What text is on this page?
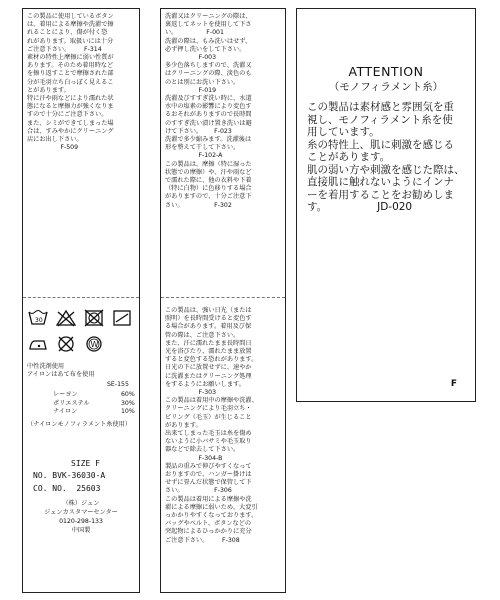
この製品に使用しているボタン
は、着用による摩擦や洗濯で擦
れることにより、傷が付く恐
れがあります。取扱いには十分
ご注意下さい。		F-314
素材の特性上摩擦に弱い性質が
あります。そのため着用時など
を擦り返すことで摩擦された部
分が毛羽立ち白っぽく見えるこ
とがあります。
特に汗や雨などにより濡れた状
態になると摩擦力が強くなりま
すので十分にご注意下さい。
また、シミができてしまった場
合は、すみやかにクリーニング
店にお出し下さい。
				F-509
30
W
中性洗剤使用
アイロンはあて布を使用
SE-155
レーヨン	60%
ポリエステル	30%
ナイロン	10%
（ナイロンモノフィラメント糸使用）
SIZE F
NO. BVK-36030-A
CO. NO.  25603
（株）ジュン
ジュンカスタマーセンター
0120-298-133
中国製
洗濯又はクリーニングの際は、
裏返してネットを使用して下さ
い。				F-001
洗濯の際は、もみ洗いはせず、
必ず押し洗いをして下さい。
				F-003
多少色落ちしますので、洗濯又
はクリーニングの際、淡色のも
のとは別にお洗い下さい。
				F-019
洗濯及びすすぎ洗い時に、水道
水中の塩素の影響により変色す
るおそれがありますので長時間
のすすぎ洗い漬け置き洗いは避
けて下さい。		F-023
洗濯で多少縮みます。洗濯後は
形を整えて干して下さい。
				F-102-A
この製品は、摩擦（特に湿った
状態での摩擦）や、汗や雨など
で濡れた際に、他の衣料や下着
（特に白物）に色移りする場合
がありますので、十分ご注意下
さい。				F-302
この製品は、強い日光（または
照明）を長時間受けると変色す
る場合があります。着用及び保
管の際は、ご注意下さい。
また、汗に濡れたまま長時間日
光を浴びたり、濡れたまま放置
すると変色する恐れがあります。
日光の下に放置せずに、速やか
に洗濯またはクリーニング処理
をするようにお願いします。
				F-303
この製品は着用中の摩擦や洗濯、
クリーニングにより毛羽立ち・
ピリング（毛玉）が生じること
があります。
出来てしまった毛玉は糸を傷め
ないように小バサミや毛玉取り
器などで除去して下さい。
				F-304-B
製品の重みで伸びやすくなって
おりますので、ハンガー掛けは
せずに畳んだ状態で保管して下
さい。				F-306
この製品は着用による摩擦や洗
濯による摩擦に弱いため、大変引
っかかりやすくなっております。
バッグやベルト、ボタンなどの
突起物によるひっかかりに充分
ご注意下さい。		F-308
ATTENTION
（モノフィラメント糸）
この製品は素材感と雰囲気を重
視し、モノフィラメント糸を使
用しています。
糸の特性上、肌に刺激を感じる
ことがあります。
肌の弱い方や刺激を感じた際は、
直接肌に触れないようにインナ
ーを着用することをお勧めしま
す。				JD-020
F
